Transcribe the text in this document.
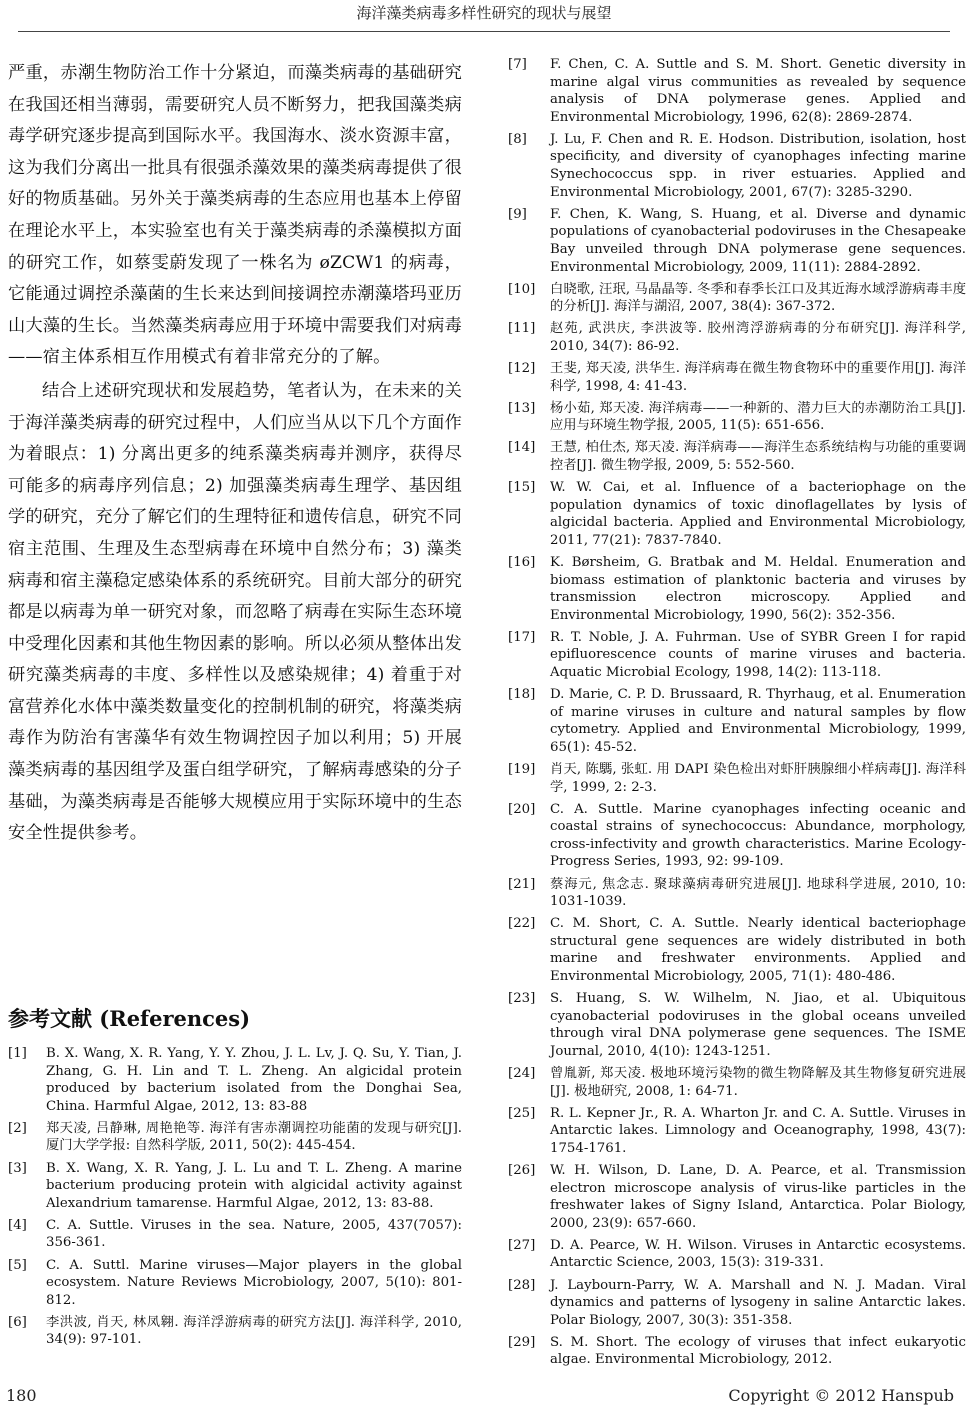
海洋藻类病毒多样性研究的现状与展望

严重，赤潮生物防治工作十分紧迫，而藻类病毒的基础研究在我国还相当薄弱，需要研究人员不断努力，把我国藻类病毒学研究逐步提高到国际水平。我国海水、淡水资源丰富，这为我们分离出一批具有很强杀藻效果的藻类病毒提供了很好的物质基础。另外关于藻类病毒的生态应用也基本上停留在理论水平上，本实验室也有关于藻类病毒的杀藻模拟方面的研究工作，如蔡雯蔚发现了一株名为 øZCW1 的病毒，它能通过调控杀藻菌的生长来达到间接调控赤潮藻塔玛亚历山大藻的生长。当然藻类病毒应用于环境中需要我们对病毒——宿主体系相互作用模式有着非常充分的了解。

结合上述研究现状和发展趋势，笔者认为，在未来的关于海洋藻类病毒的研究过程中，人们应当从以下几个方面作为着眼点：1) 分离出更多的纯系藻类病毒并测序，获得尽可能多的病毒序列信息；2) 加强藻类病毒生理学、基因组学的研究，充分了解它们的生理特征和遗传信息，研究不同宿主范围、生理及生态型病毒在环境中自然分布；3) 藻类病毒和宿主藻稳定感染体系的系统研究。目前大部分的研究都是以病毒为单一研究对象，而忽略了病毒在实际生态环境中受理化因素和其他生物因素的影响。所以必须从整体出发研究藻类病毒的丰度、多样性以及感染规律；4) 着重于对富营养化水体中藻类数量变化的控制机制的研究，将藻类病毒作为防治有害藻华有效生物调控因子加以利用；5) 开展藻类病毒的基因组学及蛋白组学研究，了解病毒感染的分子基础，为藻类病毒是否能够大规模应用于实际环境中的生态安全性提供参考。

参考文献 (References)
[1]	B. X. Wang, X. R. Yang, Y. Y. Zhou, J. L. Lv, J. Q. Su, Y. Tian, J. Zhang, G. H. Lin and T. L. Zheng. An algicidal protein produced by bacterium isolated from the Donghai Sea, China. Harmful Algae, 2012, 13: 83-88
[2]	郑天凌, 吕静琳, 周艳艳等. 海洋有害赤潮调控功能菌的发现与研究[J]. 厦门大学学报: 自然科学版, 2011, 50(2): 445-454.
[3]	B. X. Wang, X. R. Yang, J. L. Lu and T. L. Zheng. A marine bacterium producing protein with algicidal activity against Alexandrium tamarense. Harmful Algae, 2012, 13: 83-88.
[4]	C. A. Suttle. Viruses in the sea. Nature, 2005, 437(7057): 356-361.
[5]	C. A. Suttl. Marine viruses—Major players in the global ecosystem. Nature Reviews Microbiology, 2007, 5(10): 801-812.
[6]	李洪波, 肖天, 林凤翱. 海洋浮游病毒的研究方法[J]. 海洋科学, 2010, 34(9): 97-101.
[7]	F. Chen, C. A. Suttle and S. M. Short. Genetic diversity in marine algal virus communities as revealed by sequence analysis of DNA polymerase genes. Applied and Environmental Microbiology, 1996, 62(8): 2869-2874.
[8]	J. Lu, F. Chen and R. E. Hodson. Distribution, isolation, host specificity, and diversity of cyanophages infecting marine Synechococcus spp. in river estuaries. Applied and Environmental Microbiology, 2001, 67(7): 3285-3290.
[9]	F. Chen, K. Wang, S. Huang, et al. Diverse and dynamic populations of cyanobacterial podoviruses in the Chesapeake Bay unveiled through DNA polymerase gene sequences. Environmental Microbiology, 2009, 11(11): 2884-2892.
[10]	白晓歌, 汪珉, 马晶晶等. 冬季和春季长江口及其近海水域浮游病毒丰度的分析[J]. 海洋与湖沼, 2007, 38(4): 367-372.
[11]	赵苑, 武洪庆, 李洪波等. 胶州湾浮游病毒的分布研究[J]. 海洋科学, 2010, 34(7): 86-92.
[12]	王斐, 郑天凌, 洪华生. 海洋病毒在微生物食物环中的重要作用[J]. 海洋科学, 1998, 4: 41-43.
[13]	杨小茹, 郑天凌. 海洋病毒——一种新的、潜力巨大的赤潮防治工具[J]. 应用与环境生物学报, 2005, 11(5): 651-656.
[14]	王慧, 柏仕杰, 郑天凌. 海洋病毒——海洋生态系统结构与功能的重要调控者[J]. 微生物学报, 2009, 5: 552-560.
[15]	W. W. Cai, et al. Influence of a bacteriophage on the population dynamics of toxic dinoflagellates by lysis of algicidal bacteria. Applied and Environmental Microbiology, 2011, 77(21): 7837-7840.
[16]	K. Børsheim, G. Bratbak and M. Heldal. Enumeration and biomass estimation of planktonic bacteria and viruses by transmission electron microscopy. Applied and Environmental Microbiology, 1990, 56(2): 352-356.
[17]	R. T. Noble, J. A. Fuhrman. Use of SYBR Green I for rapid epifluorescence counts of marine viruses and bacteria. Aquatic Microbial Ecology, 1998, 14(2): 113-118.
[18]	D. Marie, C. P. D. Brussaard, R. Thyrhaug, et al. Enumeration of marine viruses in culture and natural samples by flow cytometry. Applied and Environmental Microbiology, 1999, 65(1): 45-52.
[19]	肖天, 陈騳, 张虹. 用 DAPI 染色检出对虾肝胰腺细小样病毒[J]. 海洋科学, 1999, 2: 2-3.
[20]	C. A. Suttle. Marine cyanophages infecting oceanic and coastal strains of synechococcus: Abundance, morphology, cross-infectivity and growth characteristics. Marine Ecology-Progress Series, 1993, 92: 99-109.
[21]	蔡海元, 焦念志. 聚球藻病毒研究进展[J]. 地球科学进展, 2010, 10: 1031-1039.
[22]	C. M. Short, C. A. Suttle. Nearly identical bacteriophage structural gene sequences are widely distributed in both marine and freshwater environments. Applied and Environmental Microbiology, 2005, 71(1): 480-486.
[23]	S. Huang, S. W. Wilhelm, N. Jiao, et al. Ubiquitous cyanobacterial podoviruses in the global oceans unveiled through viral DNA polymerase gene sequences. The ISME Journal, 2010, 4(10): 1243-1251.
[24]	曾胤新, 郑天凌. 极地环境污染物的微生物降解及其生物修复研究进展[J]. 极地研究, 2008, 1: 64-71.
[25]	R. L. Kepner Jr., R. A. Wharton Jr. and C. A. Suttle. Viruses in Antarctic lakes. Limnology and Oceanography, 1998, 43(7): 1754-1761.
[26]	W. H. Wilson, D. Lane, D. A. Pearce, et al. Transmission electron microscope analysis of virus-like particles in the freshwater lakes of Signy Island, Antarctica. Polar Biology, 2000, 23(9): 657-660.
[27]	D. A. Pearce, W. H. Wilson. Viruses in Antarctic ecosystems. Antarctic Science, 2003, 15(3): 319-331.
[28]	J. Laybourn-Parry, W. A. Marshall and N. J. Madan. Viral dynamics and patterns of lysogeny in saline Antarctic lakes. Polar Biology, 2007, 30(3): 351-358.
[29]	S. M. Short. The ecology of viruses that infect eukaryotic algae. Environmental Microbiology, 2012.
180	Copyright © 2012 Hanspub
